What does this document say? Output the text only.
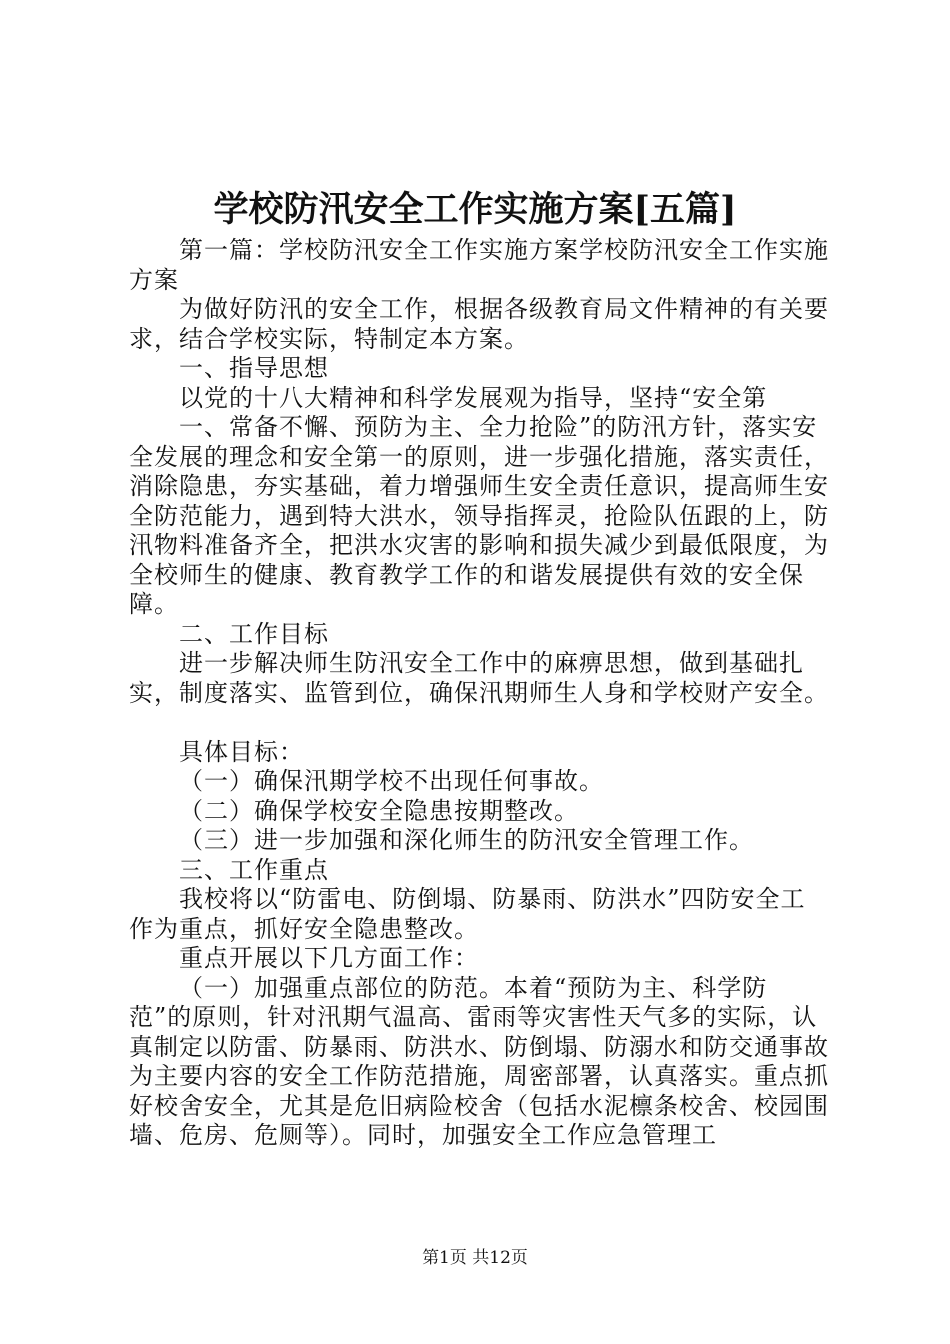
学校防汛安全工作实施方案[五篇]

第一篇：学校防汛安全工作实施方案学校防汛安全工作实施方案

为做好防汛的安全工作，根据各级教育局文件精神的有关要求，结合学校实际，特制定本方案。

一、指导思想

以党的十八大精神和科学发展观为指导，坚持“安全第

一、常备不懈、预防为主、全力抢险”的防汛方针，落实安全发展的理念和安全第一的原则，进一步强化措施，落实责任，消除隐患，夯实基础，着力增强师生安全责任意识，提高师生安全防范能力，遇到特大洪水，领导指挥灵，抢险队伍跟的上，防汛物料准备齐全，把洪水灾害的影响和损失减少到最低限度，为全校师生的健康、教育教学工作的和谐发展提供有效的安全保障。

二、工作目标

进一步解决师生防汛安全工作中的麻痹思想，做到基础扎实，制度落实、监管到位，确保汛期师生人身和学校财产安全。

具体目标：

（一）确保汛期学校不出现任何事故。

（二）确保学校安全隐患按期整改。

（三）进一步加强和深化师生的防汛安全管理工作。

三、工作重点

我校将以“防雷电、防倒塌、防暴雨、防洪水”四防安全工作为重点，抓好安全隐患整改。

重点开展以下几方面工作：

（一）加强重点部位的防范。本着“预防为主、科学防范”的原则，针对汛期气温高、雷雨等灾害性天气多的实际，认真制定以防雷、防暴雨、防洪水、防倒塌、防溺水和防交通事故为主要内容的安全工作防范措施，周密部署，认真落实。重点抓好校舍安全，尤其是危旧病险校舍（包括水泥檩条校舍、校园围墙、危房、危厕等）。同时，加强安全工作应急管理工

第1页 共12页
